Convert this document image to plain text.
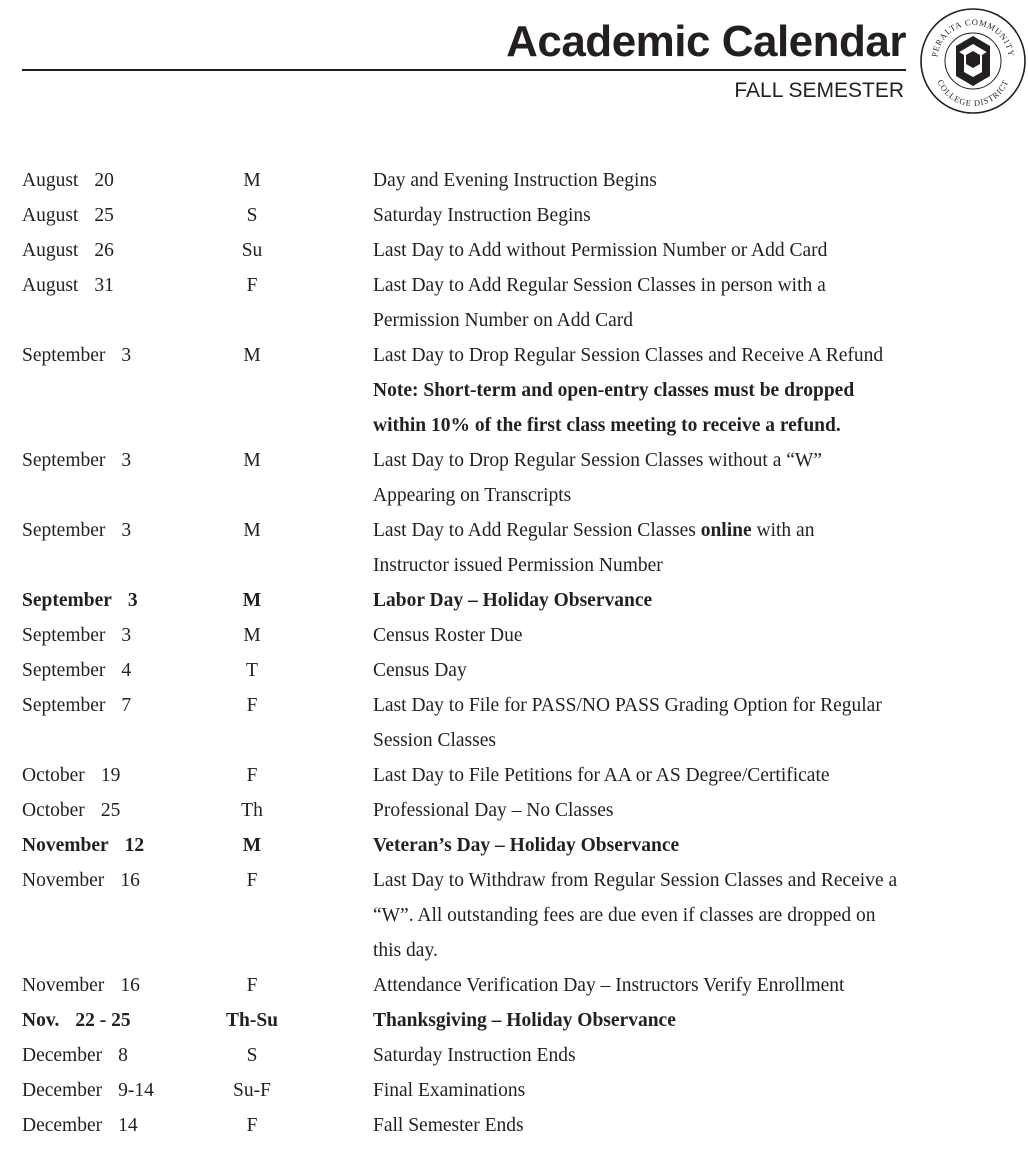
Academic Calendar
FALL SEMESTER
PERALTA COMMUNITY
COLLEGE DISTRICT
August 20	M	Day and Evening Instruction Begins

August 25	S	Saturday Instruction Begins

August 26	Su	Last Day to Add without Permission Number or Add Card

August 31	F	Last Day to Add Regular Session Classes in person with a
Permission Number on Add Card

September 3	M	Last Day to Drop Regular Session Classes and Receive A Refund
Note: Short-term and open-entry classes must be dropped
within 10% of the first class meeting to receive a refund.

September 3	M	Last Day to Drop Regular Session Classes without a “W”
Appearing on Transcripts

September 3	M	Last Day to Add Regular Session Classes online with an
Instructor issued Permission Number

September 3	M	Labor Day – Holiday Observance

September 3	M	Census Roster Due

September 4	T	Census Day

September 7	F	Last Day to File for PASS/NO PASS Grading Option for Regular
Session Classes

October 19	F	Last Day to File Petitions for AA or AS Degree/Certificate

October 25	Th	Professional Day – No Classes

November 12	M	Veteran’s Day – Holiday Observance

November 16	F	Last Day to Withdraw from Regular Session Classes and Receive a
“W”. All outstanding fees are due even if classes are dropped on
this day.

November 16	F	Attendance Verification Day – Instructors Verify Enrollment

Nov. 22 - 25	Th-Su	Thanksgiving – Holiday Observance

December 8	S	Saturday Instruction Ends

December 9-14	Su-F	Final Examinations

December 14	F	Fall Semester Ends
